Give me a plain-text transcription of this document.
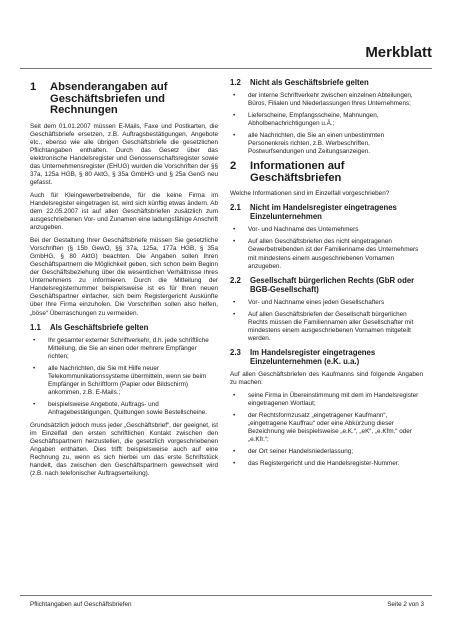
Merkblatt
1	Absenderangaben auf Geschäftsbriefen und Rechnungen

Seit dem 01.01.2007 müssen E-Mails, Faxe und Postkarten, die Geschäftsbriefe ersetzen, z.B. Auftragsbestätigungen, Angebote etc., ebenso wie alle übrigen Geschäftsbriefe die gesetzlichen Pflichtangaben enthalten. Durch das Gesetz über das elektronische Handelsregister und Genossenschaftsregister sowie das Unternehmensregister (EHUG) wurden die Vorschriften der §§ 37a, 125a HGB, § 80 AktG, § 35a GmbHG und § 25a GenG neu gefasst.

Auch für Kleingewerbetreibende, für die keine Firma im Handelsregister eingetragen ist, wird sich künftig etwas ändern. Ab dem 22.05.2007 ist auf allen Geschäftsbriefen zusätzlich zum ausgeschriebenen Vor- und Zunamen eine ladungsfähige Anschrift anzugeben.

Bei der Gestaltung Ihrer Geschäftsbriefe müssen Sie gesetzliche Vorschriften (§ 15b GewO, §§ 37a, 125a, 177a HGB, § 35a GmbHG, § 80 AktG) beachten. Die Angaben sollen Ihren Geschäftspartnern die Möglichkeit geben, sich schon beim Beginn der Geschäftsbeziehung über die wesentlichen Verhältnisse Ihres Unternehmens zu informieren. Durch die Mitteilung der Handelsregisternummer beispielsweise ist es für Ihren neuen Geschäftspartner einfacher, sich beim Registergericht Auskünfte über Ihre Firma einzuholen. Die Vorschriften sollen also helfen, „böse“ Überraschungen zu vermeiden.

1.1	Als Geschäftsbriefe gelten
•	Ihr gesamter externer Schriftverkehr, d.h. jede schriftliche Mitteilung, die Sie an einen oder mehrere Empfänger richten;
•	alle Nachrichten, die Sie mit Hilfe neuer Telekommunikationssysteme übermitteln, wenn sie beim Empfänger in Schriftform (Papier oder Bildschirm) ankommen, z.B. E-Mails.;
•	beispielsweise Angebote, Auftrags- und Anfragebestätigungen, Quittungen sowie Bestellscheine.

Grundsätzlich jedoch muss jeder „Geschäftsbrief“, der geeignet, ist im Einzelfall den ersten schriftlichen Kontakt zwischen den Geschäftspartnern herzustellen, die gesetzlich vorgeschriebenen Angaben enthalten. Dies trifft beispielsweise auch auf eine Rechnung zu, wenn es sich hierbei um das erste Schriftstück handelt, das zwischen den Geschäftspartnern gewechselt wird (z.B. nach telefonischer Auftragserteilung).

1.2	Nicht als Geschäftsbriefe gelten
•	der interne Schriftverkehr zwischen einzelnen Abteilungen, Büros, Filialen und Niederlassungen Ihres Unternehmens;
•	Lieferscheine, Empfangsscheine, Mahnungen, Abholbenachrichtigungen u.Ä.;
•	alle Nachrichten, die Sie an einen unbestimmten Personenkreis richten, z.B. Werbeschriften, Postwurfsendungen und Zeitungsanzeigen.
2	Informationen auf Geschäftsbriefen

Welche Informationen sind im Einzelfall vorgeschrieben?

2.1	Nicht im Handelsregister eingetragenes Einzelunternehmen
•	Vor- und Nachname des Unternehmers
•	Auf allen Geschäftsbriefen des nicht eingetragenen Gewerbetreibenden ist der Familienname des Unternehmers mit mindestens einem ausgeschriebenen Vornamen anzugeben.
2.2	Gesellschaft bürgerlichen Rechts (GbR oder BGB-Gesellschaft)
•	Vor- und Nachname eines jeden Gesellschafters
•	Auf allen Geschäftsbriefen der Gesellschaft bürgerlichen Rechts müssen die Familiennamen aller Gesellschafter mit mindestens einem ausgeschriebenen Vornamen mitgeteilt werden.
2.3	Im Handelsregister eingetragenes Einzelunternehmen (e.K. u.a.)

Auf allen Geschäftsbriefen des Kaufmanns sind folgende Angaben zu machen:

•	seine Firma in Übereinstimmung mit dem im Handelsregister eingetragenen Wortlaut;
•	der Rechtsformzusatz „eingetragener Kaufmann“, „eingetragene Kauffrau“ oder eine Abkürzung dieser Bezeichnung wie beispielsweise „e.K.“, „eK“, „e.Kfm.“ oder „e.Kfr.“;
•	der Ort seiner Handelsniederlassung;
•	das Registergericht und die Handelsregister-Nummer.
Pflichtangaben auf Geschäftsbriefen	Seite 2 von 3
